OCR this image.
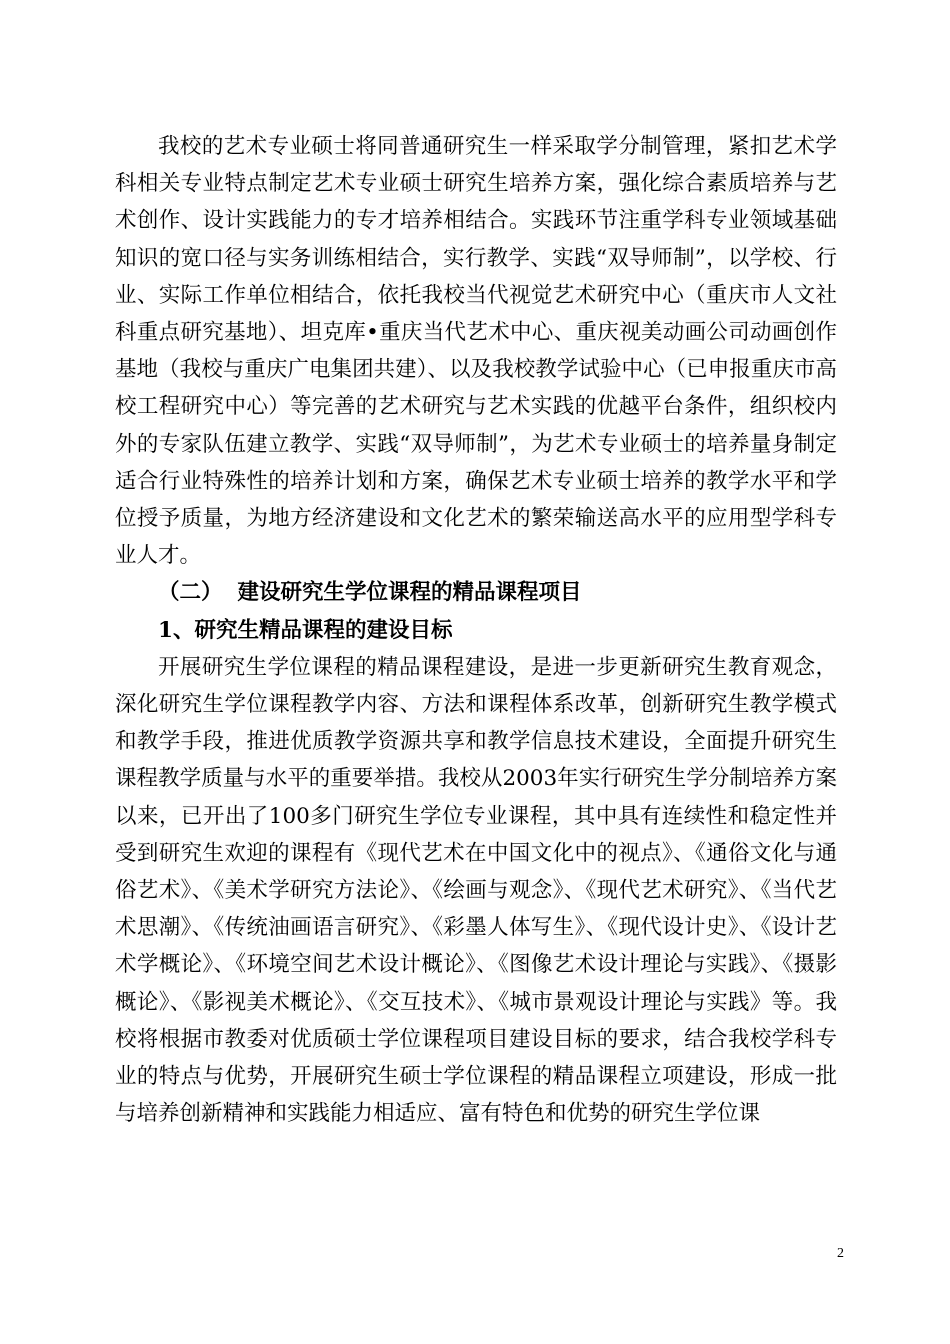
我校的艺术专业硕士将同普通研究生一样采取学分制管理，紧扣艺术学科相关专业特点制定艺术专业硕士研究生培养方案，强化综合素质培养与艺术创作、设计实践能力的专才培养相结合。实践环节注重学科专业领域基础知识的宽口径与实务训练相结合，实行教学、实践“双导师制”，以学校、行业、实际工作单位相结合，依托我校当代视觉艺术研究中心（重庆市人文社科重点研究基地）、坦克库•重庆当代艺术中心、重庆视美动画公司动画创作基地（我校与重庆广电集团共建）、以及我校教学试验中心（已申报重庆市高校工程研究中心）等完善的艺术研究与艺术实践的优越平台条件，组织校内外的专家队伍建立教学、实践“双导师制”，为艺术专业硕士的培养量身制定适合行业特殊性的培养计划和方案，确保艺术专业硕士培养的教学水平和学位授予质量，为地方经济建设和文化艺术的繁荣输送高水平的应用型学科专业人才。

（二）  建设研究生学位课程的精品课程项目

1、研究生精品课程的建设目标

开展研究生学位课程的精品课程建设，是进一步更新研究生教育观念，深化研究生学位课程教学内容、方法和课程体系改革，创新研究生教学模式和教学手段，推进优质教学资源共享和教学信息技术建设，全面提升研究生课程教学质量与水平的重要举措。我校从2003年实行研究生学分制培养方案以来，已开出了100多门研究生学位专业课程，其中具有连续性和稳定性并受到研究生欢迎的课程有《现代艺术在中国文化中的视点》、《通俗文化与通俗艺术》、《美术学研究方法论》、《绘画与观念》、《现代艺术研究》、《当代艺术思潮》、《传统油画语言研究》、《彩墨人体写生》、《现代设计史》、《设计艺术学概论》、《环境空间艺术设计概论》、《图像艺术设计理论与实践》、《摄影概论》、《影视美术概论》、《交互技术》、《城市景观设计理论与实践》等。我校将根据市教委对优质硕士学位课程项目建设目标的要求，结合我校学科专业的特点与优势，开展研究生硕士学位课程的精品课程立项建设，形成一批与培养创新精神和实践能力相适应、富有特色和优势的研究生学位课

2
